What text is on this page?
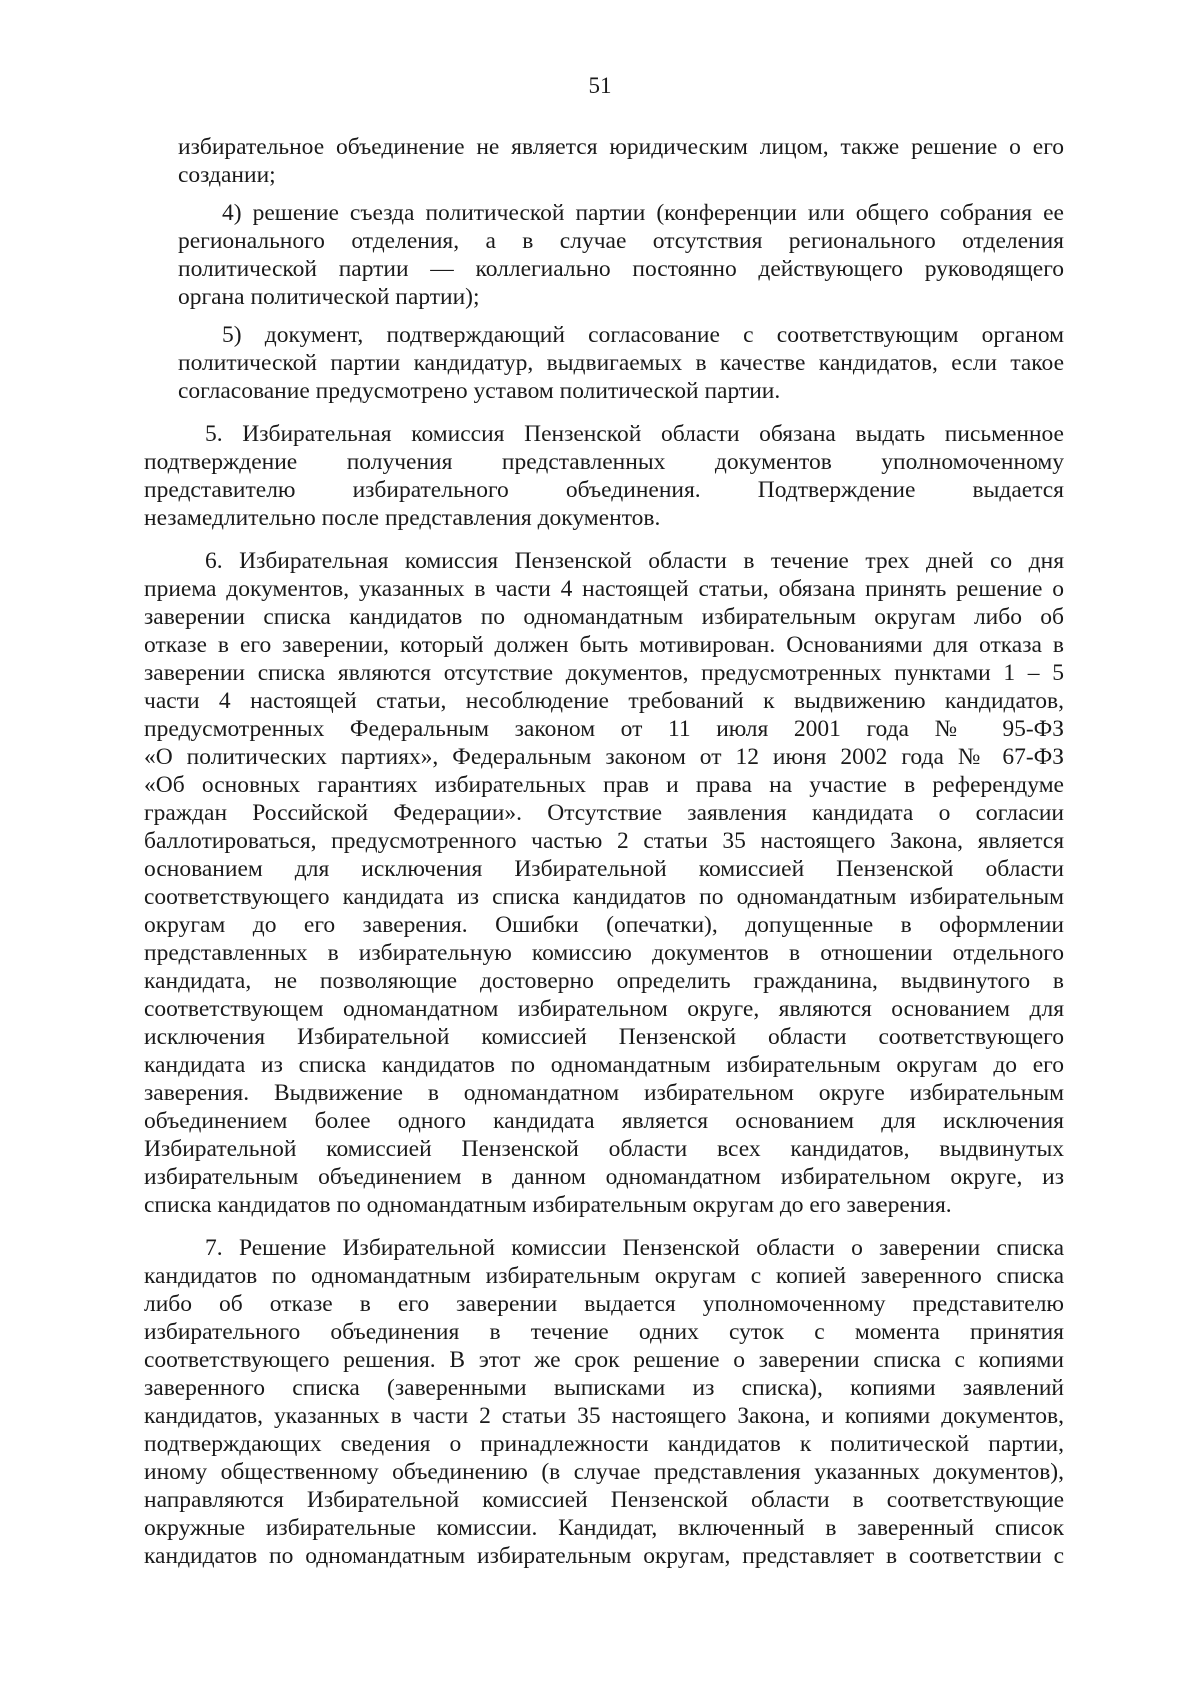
51
избирательное объединение не является юридическим лицом, также решение о его
создании;
4) решение съезда политической партии (конференции или общего собрания ее
регионального отделения, а в случае отсутствия регионального отделения
политической партии — коллегиально постоянно действующего руководящего
органа политической партии);
5) документ, подтверждающий согласование с соответствующим органом
политической партии кандидатур, выдвигаемых в качестве кандидатов, если такое
согласование предусмотрено уставом политической партии.
5. Избирательная комиссия Пензенской области обязана выдать письменное
подтверждение получения представленных документов уполномоченному
представителю избирательного объединения. Подтверждение выдается
незамедлительно после представления документов.
6. Избирательная комиссия Пензенской области в течение трех дней со дня
приема документов, указанных в части 4 настоящей статьи, обязана принять решение о
заверении списка кандидатов по одномандатным избирательным округам либо об
отказе в его заверении, который должен быть мотивирован. Основаниями для отказа в
заверении списка являются отсутствие документов, предусмотренных пунктами 1 – 5
части 4 настоящей статьи, несоблюдение требований к выдвижению кандидатов,
предусмотренных Федеральным законом от 11 июля 2001 года № 95-ФЗ
«О политических партиях», Федеральным законом от 12 июня 2002 года № 67-ФЗ
«Об основных гарантиях избирательных прав и права на участие в референдуме
граждан Российской Федерации». Отсутствие заявления кандидата о согласии
баллотироваться, предусмотренного частью 2 статьи 35 настоящего Закона, является
основанием для исключения Избирательной комиссией Пензенской области
соответствующего кандидата из списка кандидатов по одномандатным избирательным
округам до его заверения. Ошибки (опечатки), допущенные в оформлении
представленных в избирательную комиссию документов в отношении отдельного
кандидата, не позволяющие достоверно определить гражданина, выдвинутого в
соответствующем одномандатном избирательном округе, являются основанием для
исключения Избирательной комиссией Пензенской области соответствующего
кандидата из списка кандидатов по одномандатным избирательным округам до его
заверения. Выдвижение в одномандатном избирательном округе избирательным
объединением более одного кандидата является основанием для исключения
Избирательной комиссией Пензенской области всех кандидатов, выдвинутых
избирательным объединением в данном одномандатном избирательном округе, из
списка кандидатов по одномандатным избирательным округам до его заверения.
7. Решение Избирательной комиссии Пензенской области о заверении списка
кандидатов по одномандатным избирательным округам с копией заверенного списка
либо об отказе в его заверении выдается уполномоченному представителю
избирательного объединения в течение одних суток с момента принятия
соответствующего решения. В этот же срок решение о заверении списка с копиями
заверенного списка (заверенными выписками из списка), копиями заявлений
кандидатов, указанных в части 2 статьи 35 настоящего Закона, и копиями документов,
подтверждающих сведения о принадлежности кандидатов к политической партии,
иному общественному объединению (в случае представления указанных документов),
направляются Избирательной комиссией Пензенской области в соответствующие
окружные избирательные комиссии. Кандидат, включенный в заверенный список
кандидатов по одномандатным избирательным округам, представляет в соответствии с
